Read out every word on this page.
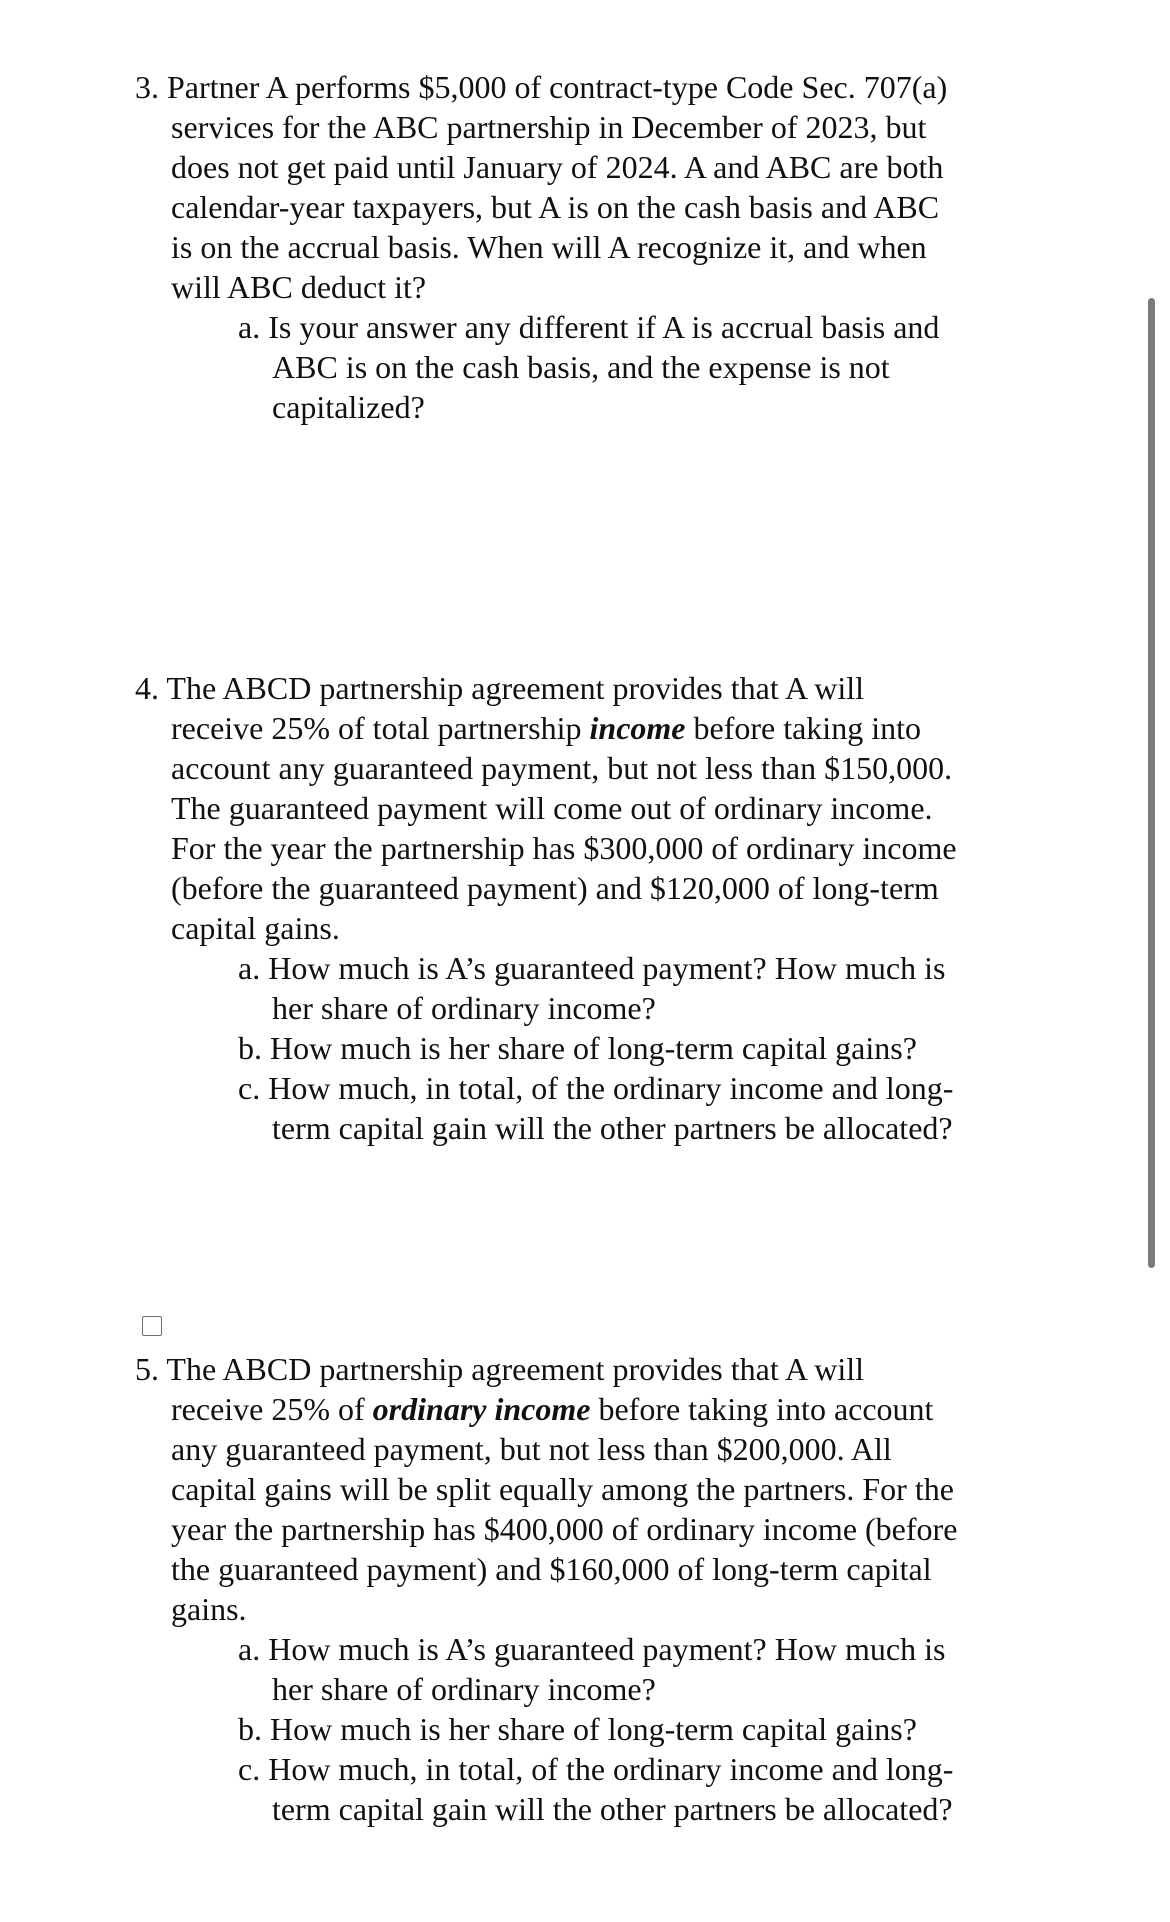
3. Partner A performs $5,000 of contract-type Code Sec. 707(a)

services for the ABC partnership in December of 2023, but

does not get paid until January of 2024. A and ABC are both

calendar-year taxpayers, but A is on the cash basis and ABC

is on the accrual basis. When will A recognize it, and when

will ABC deduct it?

a. Is your answer any different if A is accrual basis and

ABC is on the cash basis, and the expense is not

capitalized?

4. The ABCD partnership agreement provides that A will

receive 25% of total partnership income before taking into

account any guaranteed payment, but not less than $150,000.

The guaranteed payment will come out of ordinary income.

For the year the partnership has $300,000 of ordinary income

(before the guaranteed payment) and $120,000 of long-term

capital gains.

a. How much is A’s guaranteed payment? How much is

her share of ordinary income?

b. How much is her share of long-term capital gains?

c. How much, in total, of the ordinary income and long-

term capital gain will the other partners be allocated?

5. The ABCD partnership agreement provides that A will

receive 25% of ordinary income before taking into account

any guaranteed payment, but not less than $200,000. All

capital gains will be split equally among the partners. For the

year the partnership has $400,000 of ordinary income (before

the guaranteed payment) and $160,000 of long-term capital

gains.

a. How much is A’s guaranteed payment? How much is

her share of ordinary income?

b. How much is her share of long-term capital gains?

c. How much, in total, of the ordinary income and long-

term capital gain will the other partners be allocated?
